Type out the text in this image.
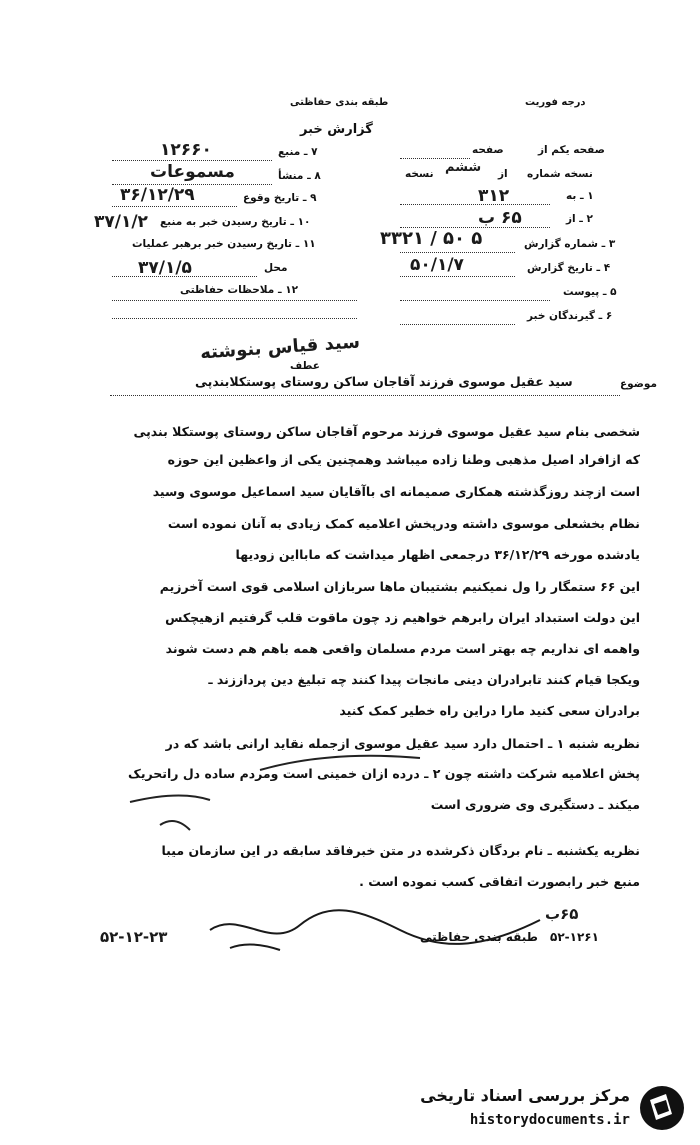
طبقه بندی حفاظتی	درجه فوریت
گزارش خبر
صفحه یکم از
صفحه
نسخه شماره
از
ششم
نسخه
۱ ـ به
۳۱۲
۲ ـ از
۶۵ ب
۳ ـ شماره گزارش
۳۳۲۱ / ۵۰ ۵
۴ ـ تاریخ گزارش
۵۰/۱/۷
۵ ـ پیوست
۶ ـ گیرندگان خبر
۷ ـ منبع
۱۲۶۶۰
۸ ـ منشأ
مسموعات
۹ ـ تاریخ وقوع
۳۶/۱۲/۲۹
۱۰ ـ تاریخ رسیدن خبر به منبع
۳۷/۱/۲
۱۱ ـ تاریخ رسیدن خبر برهبر عملیات
محل
۳۷/۱/۵
۱۲ ـ ملاحظات حفاظتی
سید قیاس بنوشته
عطف
موضوع
سید عقیل موسوی فرزند آقاجان ساکن روستای پوستکلابندپی
شخصی بنام سید عقیل موسوی فرزند مرحوم آقاجان ساکن روستای پوستکلا بندپی
که ازافراد اصیل مذهبی وطنا زاده میباشد وهمچنین یکی از واعظین این حوزه
است ازچند روزگذشته همکاری صمیمانه ای باآقایان سید اسماعیل موسوی وسید
نظام بخشعلی موسوی داشته ودرپخش اعلامیه کمک زیادی به آنان نموده است
یادشده مورخه ۳۶/۱۲/۲۹ درجمعی اظهار میداشت که مابااین زودیها
این ۶۶ ستمگار را ول نمیکنیم بشتیبان ماها سربازان اسلامی قوی است آخرزیم
این دولت استبداد ایران رابرهم خواهیم زد چون ماقوت قلب گرفتیم ازهیچکس
واهمه ای نداریم چه بهتر است مردم مسلمان واقعی همه باهم هم دست شوند
ویکجا قیام کنند تابرادران دینی مانجات پیدا کنند چه تبلیغ دین پرداززند ـ
برادران سعی کنید مارا دراین راه خطیر کمک کنید
نظریه شنبه ۱ ـ احتمال دارد سید عقیل موسوی ازجمله نقاید ارانی باشد که در
پخش اعلامیه شرکت داشته چون ۲ ـ درده ازان خمینی است ومردم ساده دل راتحریک
میکند ـ دستگیری وی ضروری است
نظریه یکشنبه ـ نام بردگان ذکرشده در متن خبرفاقد سابقه در این سازمان میبا
منبع خبر رابصورت اتفاقی کسب نموده است .
۵۲-۱۲-۲۳	طبقه بندی حفاظتی
۶۵ب
۵۲-۱۲۶۱
مرکز بررسی اسناد تاریخی
historydocuments.ir
